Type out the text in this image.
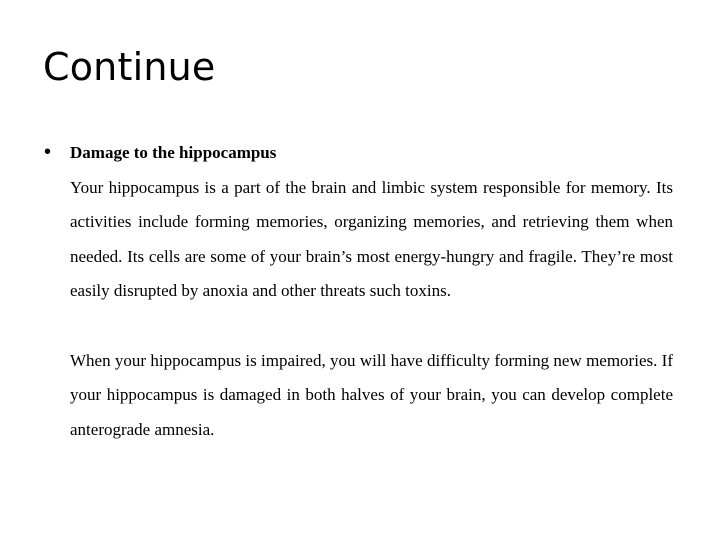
Continue
• Damage to the hippocampus

Your hippocampus is a part of the brain and limbic system responsible for memory. Its activities include forming memories, organizing memories, and retrieving them when needed. Its cells are some of your brain’s most energy-hungry and fragile. They’re most easily disrupted by anoxia and other threats such toxins.

When your hippocampus is impaired, you will have difficulty forming new memories. If your hippocampus is damaged in both halves of your brain, you can develop complete anterograde amnesia.
